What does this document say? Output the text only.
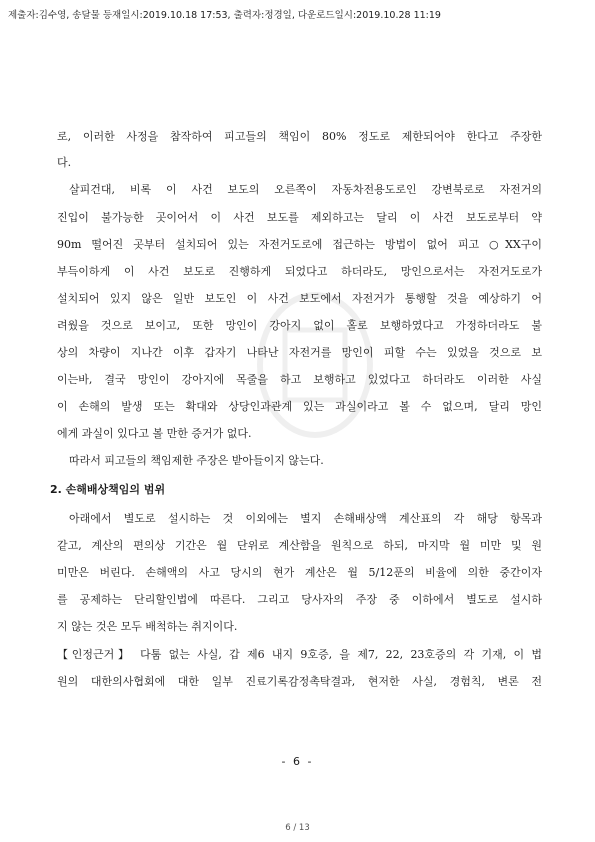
제출자:김수영, 송달물 등재일시:2019.10.18 17:53, 출력자:정경일, 다운로드일시:2019.10.28 11:19
로, 이러한 사정을 참작하여 피고들의 책임이 80% 정도로 제한되어야 한다고 주장한
다.
살피건대, 비록 이 사건 보도의 오른쪽이 자동차전용도로인 강변북로로 자전거의
진입이 불가능한 곳이어서 이 사건 보도를 제외하고는 달리 이 사건 보도로부터 약
90m 떨어진 곳부터 설치되어 있는 자전거도로에 접근하는 방법이 없어 피고 ○XX구이
부득이하게 이 사건 보도로 진행하게 되었다고 하더라도, 망인으로서는 자전거도로가
설치되어 있지 않은 일반 보도인 이 사건 보도에서 자전거가 통행할 것을 예상하기 어
려웠을 것으로 보이고, 또한 망인이 강아지 없이 홀로 보행하였다고 가정하더라도 불
상의 차량이 지나간 이후 갑자기 나타난 자전거를 망인이 피할 수는 있었을 것으로 보
이는바, 결국 망인이 강아지에 목줄을 하고 보행하고 있었다고 하더라도 이러한 사실
이 손해의 발생 또는 확대와 상당인과관계 있는 과실이라고 볼 수 없으며, 달리 망인
에게 과실이 있다고 볼 만한 증거가 없다.
따라서 피고들의 책임제한 주장은 받아들이지 않는다.
2. 손해배상책임의 범위
아래에서 별도로 설시하는 것 이외에는 별지 손해배상액 계산표의 각 해당 항목과
같고, 계산의 편의상 기간은 월 단위로 계산함을 원칙으로 하되, 마지막 월 미만 및 원
미만은 버린다. 손해액의 사고 당시의 현가 계산은 월 5/12푼의 비율에 의한 중간이자
를 공제하는 단리할인법에 따른다. 그리고 당사자의 주장 중 이하에서 별도로 설시하
지 않는 것은 모두 배척하는 취지이다.
【인정근거】 다툼 없는 사실, 갑 제6 내지 9호증, 을 제7, 22, 23호증의 각 기재, 이 법
원의 대한의사협회에 대한 일부 진료기록감정촉탁결과, 현저한 사실, 경험칙, 변론 전
- 6 -
6 / 13
